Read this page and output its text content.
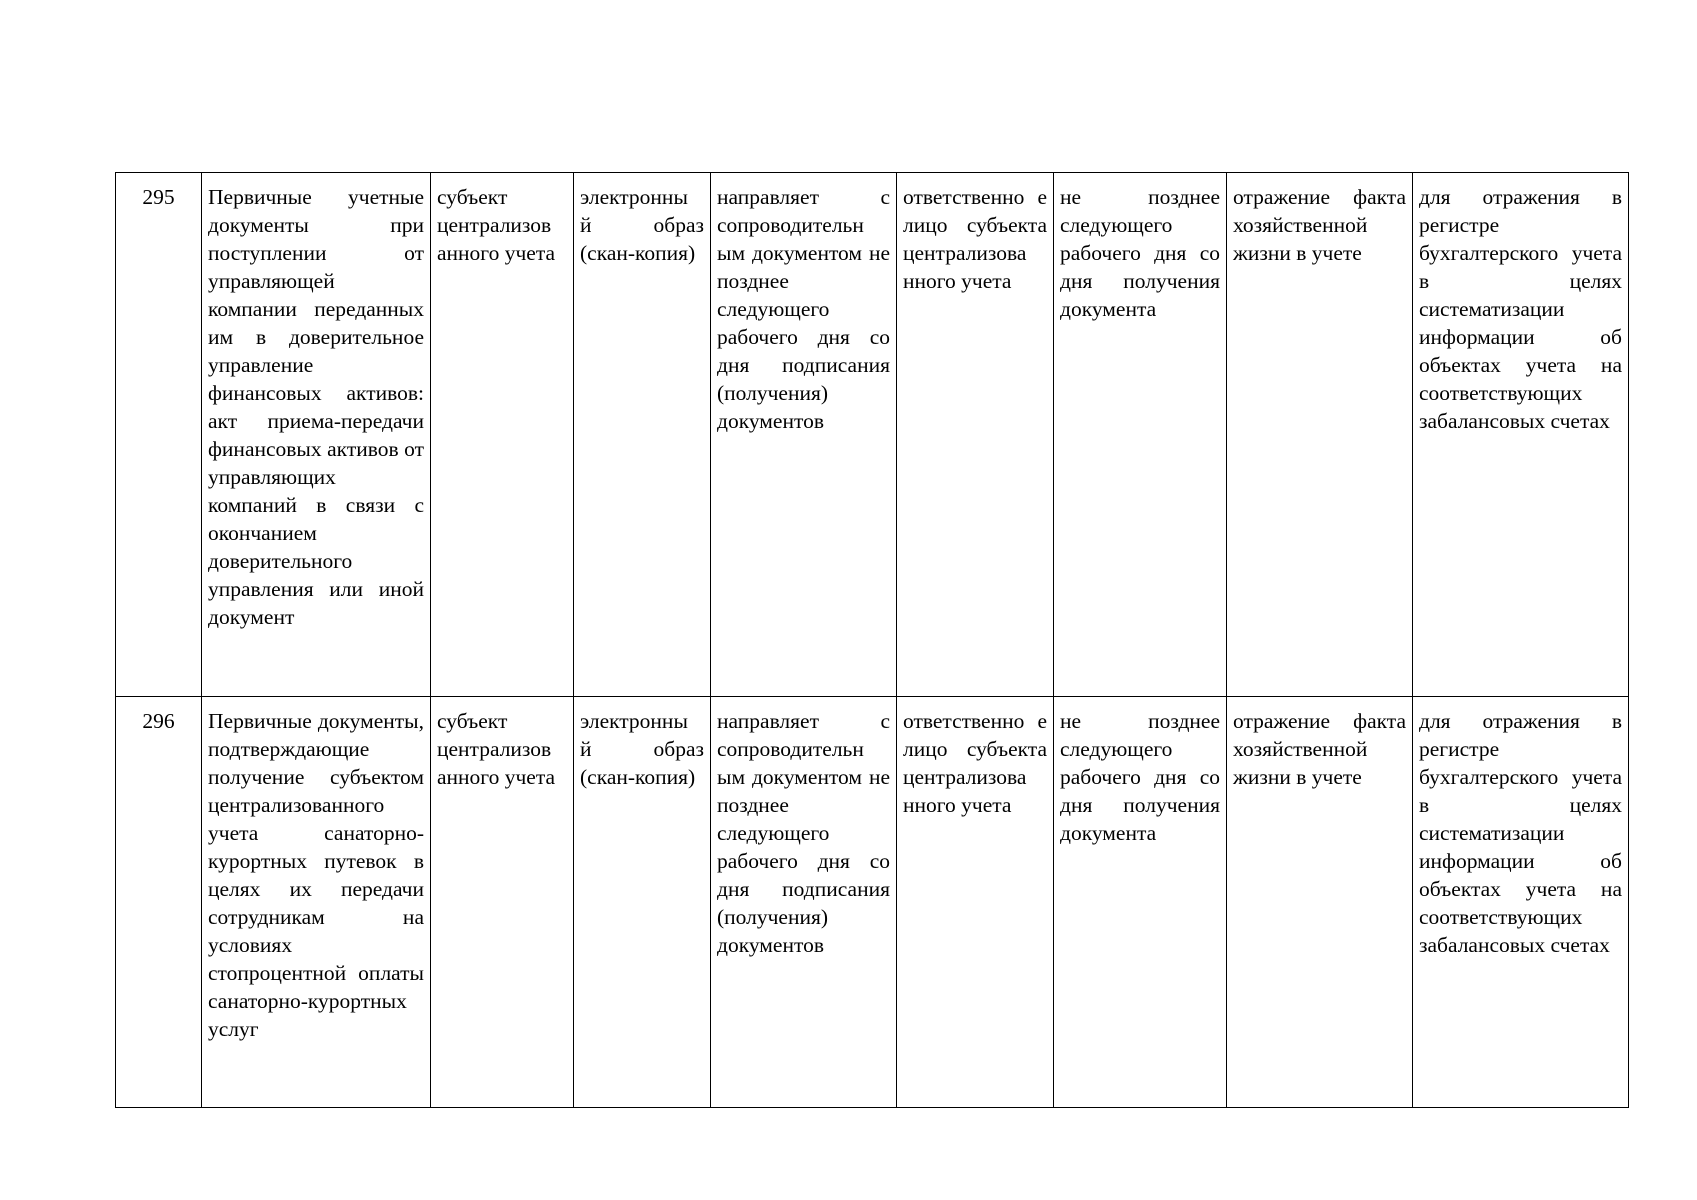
295	Первичные учетные документы при поступлении от управляющей компании переданных им в доверительное управление финансовых активов: акт приема-передачи финансовых активов от управляющих компаний в связи с окончанием доверительного управления или иной документ	субъект централизов анного учета	электронны й образ (скан-копия)	направляет с сопроводительн ым документом не позднее следующего рабочего дня со дня подписания (получения) документов	ответственно е лицо субъекта централизова нного учета	не позднее следующего рабочего дня со дня получения документа	отражение факта хозяйственной жизни в учете	для отражения в регистре бухгалтерского учета в целях систематизации информации об объектах учета на соответствующих забалансовых счетах

296	Первичные документы, подтверждающие получение субъектом централизованного учета санаторно-курортных путевок в целях их передачи сотрудникам на условиях стопроцентной оплаты санаторно-курортных услуг	субъект централизов анного учета	электронны й образ (скан-копия)	направляет с сопроводительн ым документом не позднее следующего рабочего дня со дня подписания (получения) документов	ответственно е лицо субъекта централизова нного учета	не позднее следующего рабочего дня со дня получения документа	отражение факта хозяйственной жизни в учете	для отражения в регистре бухгалтерского учета в целях систематизации информации об объектах учета на соответствующих забалансовых счетах
